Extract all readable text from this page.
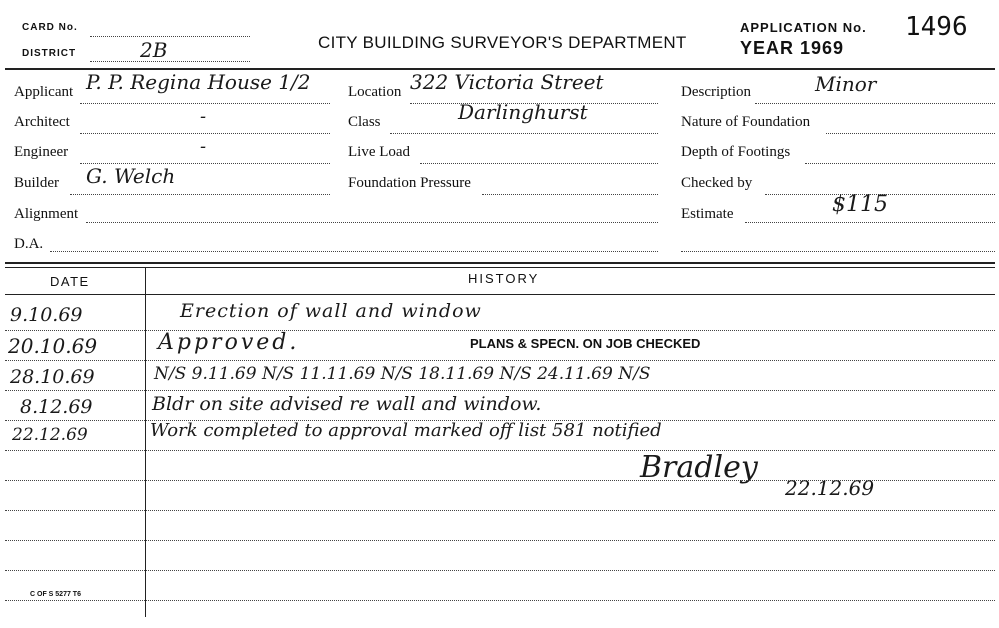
CARD No.
DISTRICT	2B	CITY BUILDING SURVEYOR'S DEPARTMENT
APPLICATION No. 1496
YEAR 1969
Applicant P. P. Regina House 1/2
Architect	-
Engineer	-
Builder G. Welch
Alignment
D.A.
Location 322 Victoria Street
Darlinghurst
Class
Live Load
Foundation Pressure
Description	Minor
Nature of Foundation
Depth of Footings
Checked by
Estimate	$115
DATE	HISTORY
9.10.69	Erection of wall and window
20.10.69	Approved.	PLANS & SPECN. ON JOB CHECKED
28.10.69	N/S 9.11.69 N/S 11.11.69 N/S 18.11.69 N/S 24.11.69 N/S
8.12.69	Bldr on site advised re wall and window.
22.12.69	Work completed to approval marked off list 581 notified
Bradley
22.12.69
C OF S 5277 T6
